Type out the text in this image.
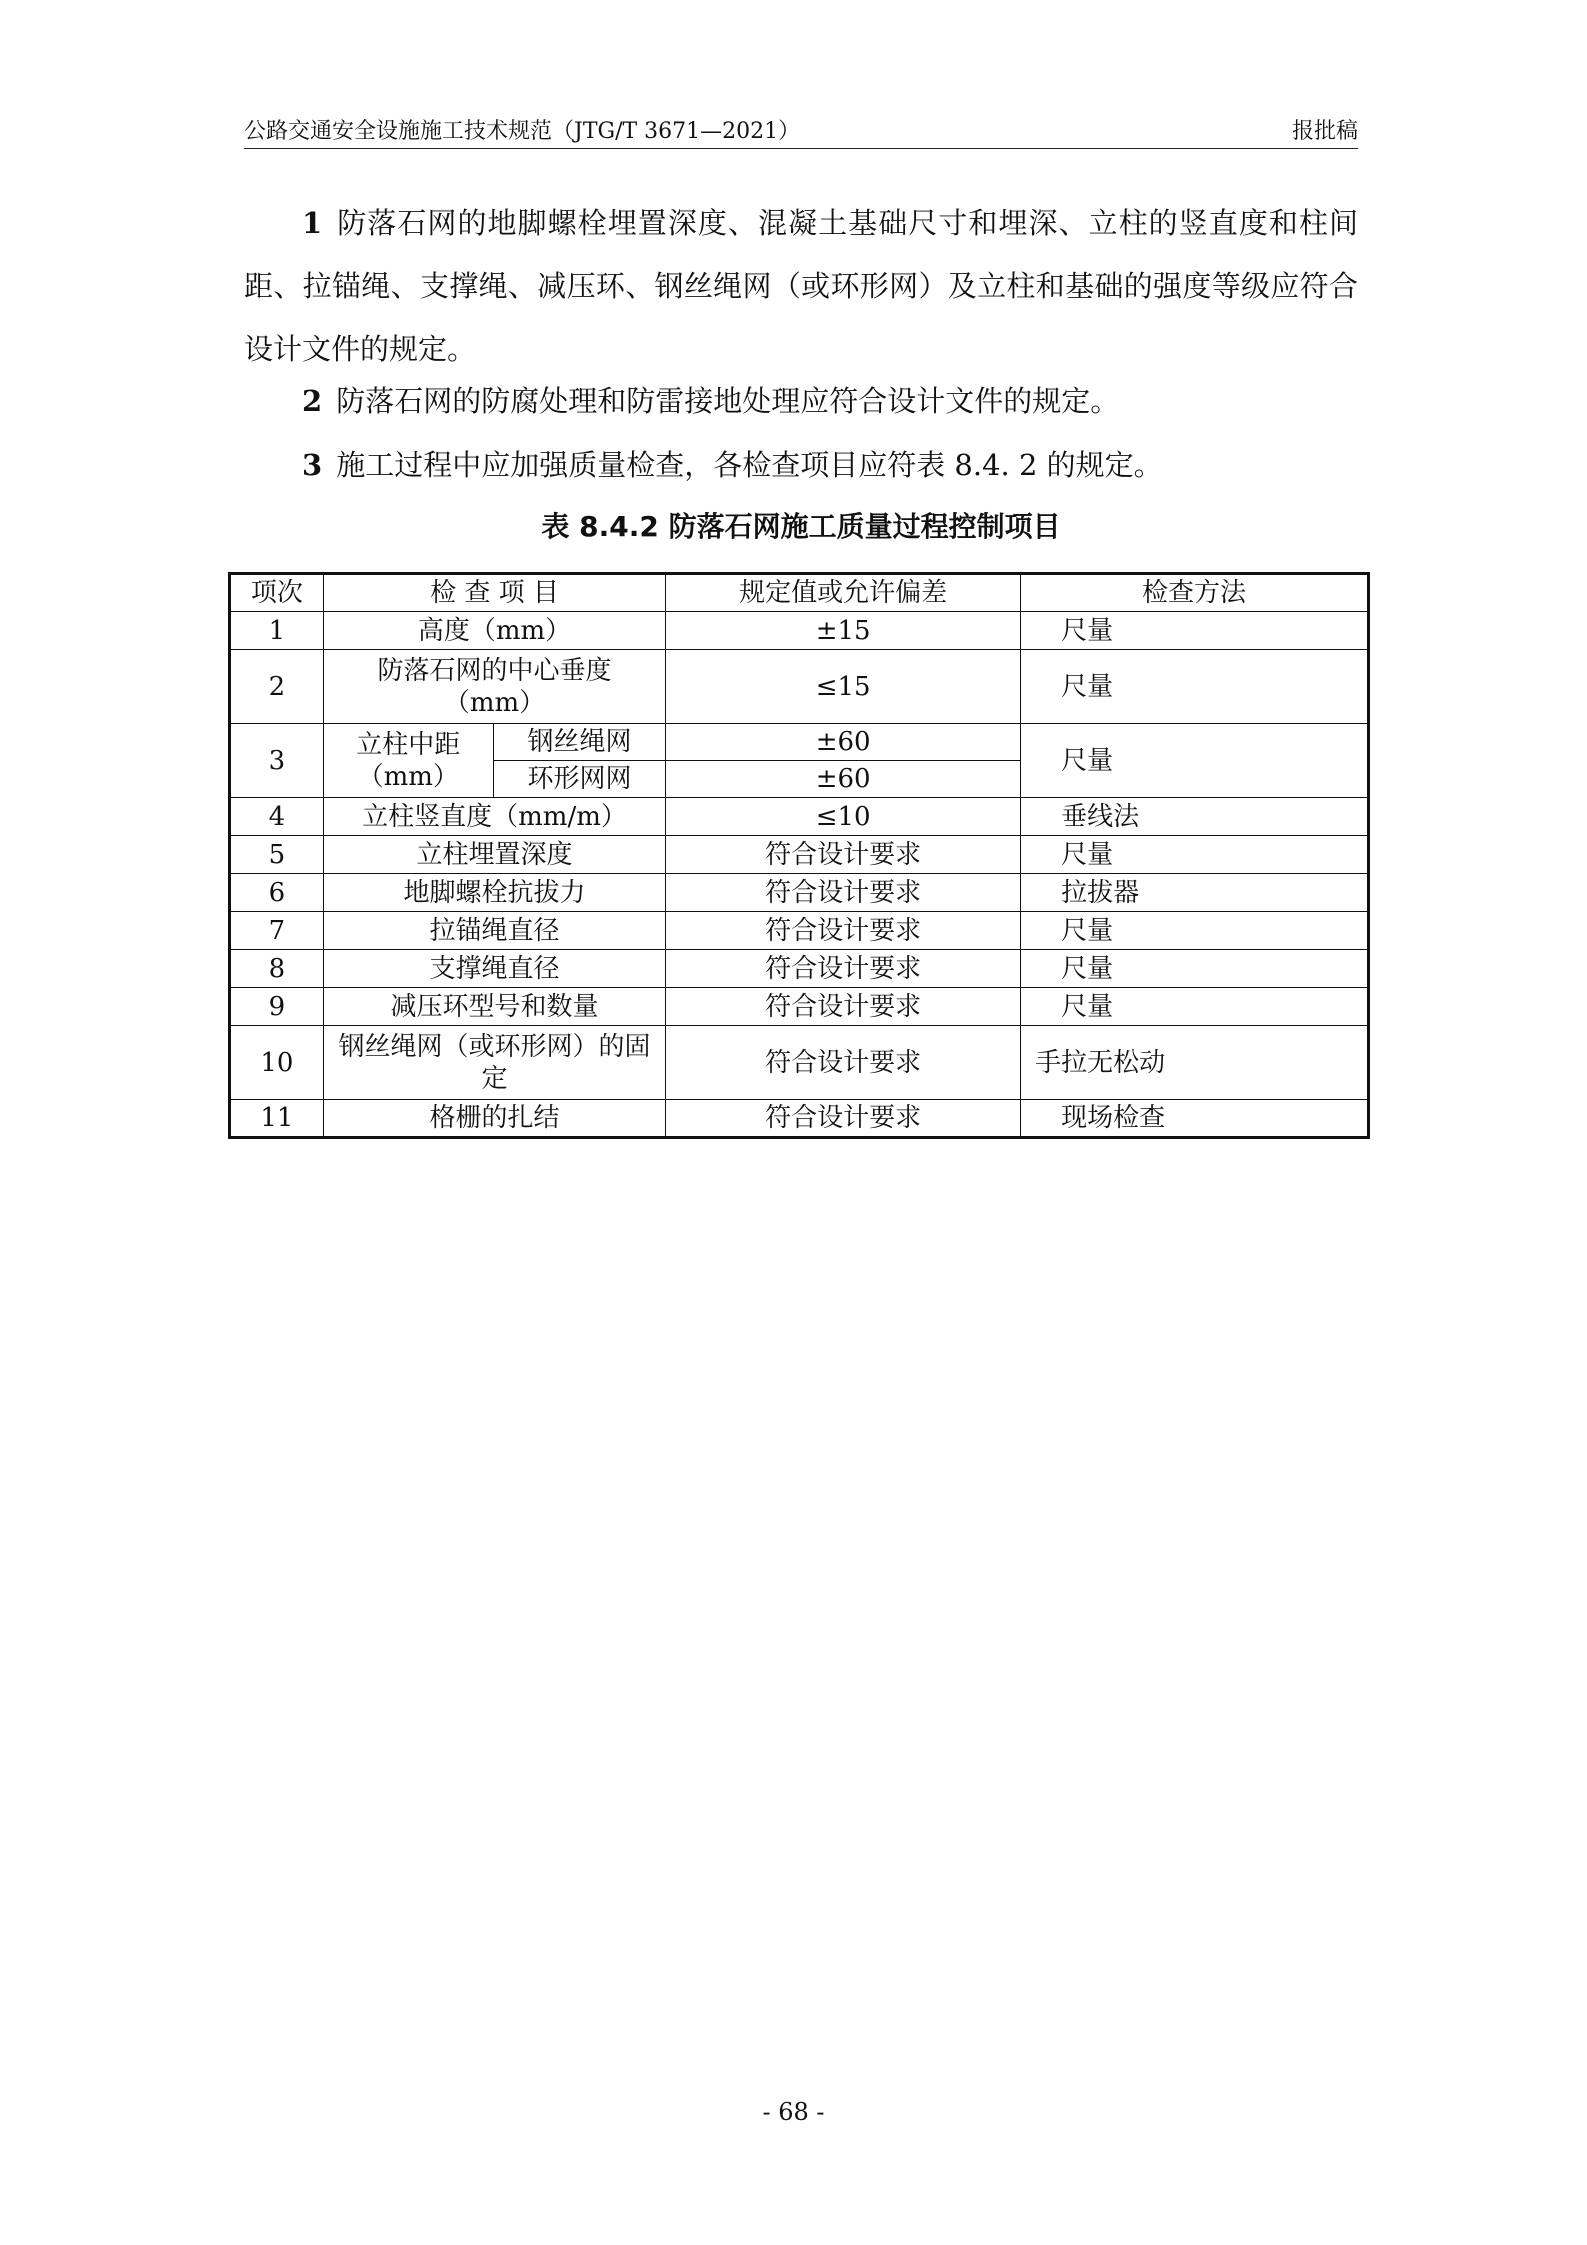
公路交通安全设施施工技术规范（JTG/T 3671—2021）	报批稿
1 防落石网的地脚螺栓埋置深度、混凝土基础尺寸和埋深、立柱的竖直度和柱间距、拉锚绳、支撑绳、减压环、钢丝绳网（或环形网）及立柱和基础的强度等级应符合设计文件的规定。
2 防落石网的防腐处理和防雷接地处理应符合设计文件的规定。
3 施工过程中应加强质量检查，各检查项目应符表 8.4. 2 的规定。
表 8.4.2 防落石网施工质量过程控制项目
项次	检 查 项 目		规定值或允许偏差	检查方法
1	高度（mm）		±15	尺量
2	防落石网的中心垂度（mm）		≤15	尺量
3	立柱中距（mm）	钢丝绳网	±60	尺量
		环形网网	±60	
4	立柱竖直度（mm/m）		≤10	垂线法
5	立柱埋置深度		符合设计要求	尺量
6	地脚螺栓抗拔力		符合设计要求	拉拔器
7	拉锚绳直径		符合设计要求	尺量
8	支撑绳直径		符合设计要求	尺量
9	减压环型号和数量		符合设计要求	尺量
10	钢丝绳网（或环形网）的固定		符合设计要求	手拉无松动
11	格栅的扎结		符合设计要求	现场检查
- 68 -
